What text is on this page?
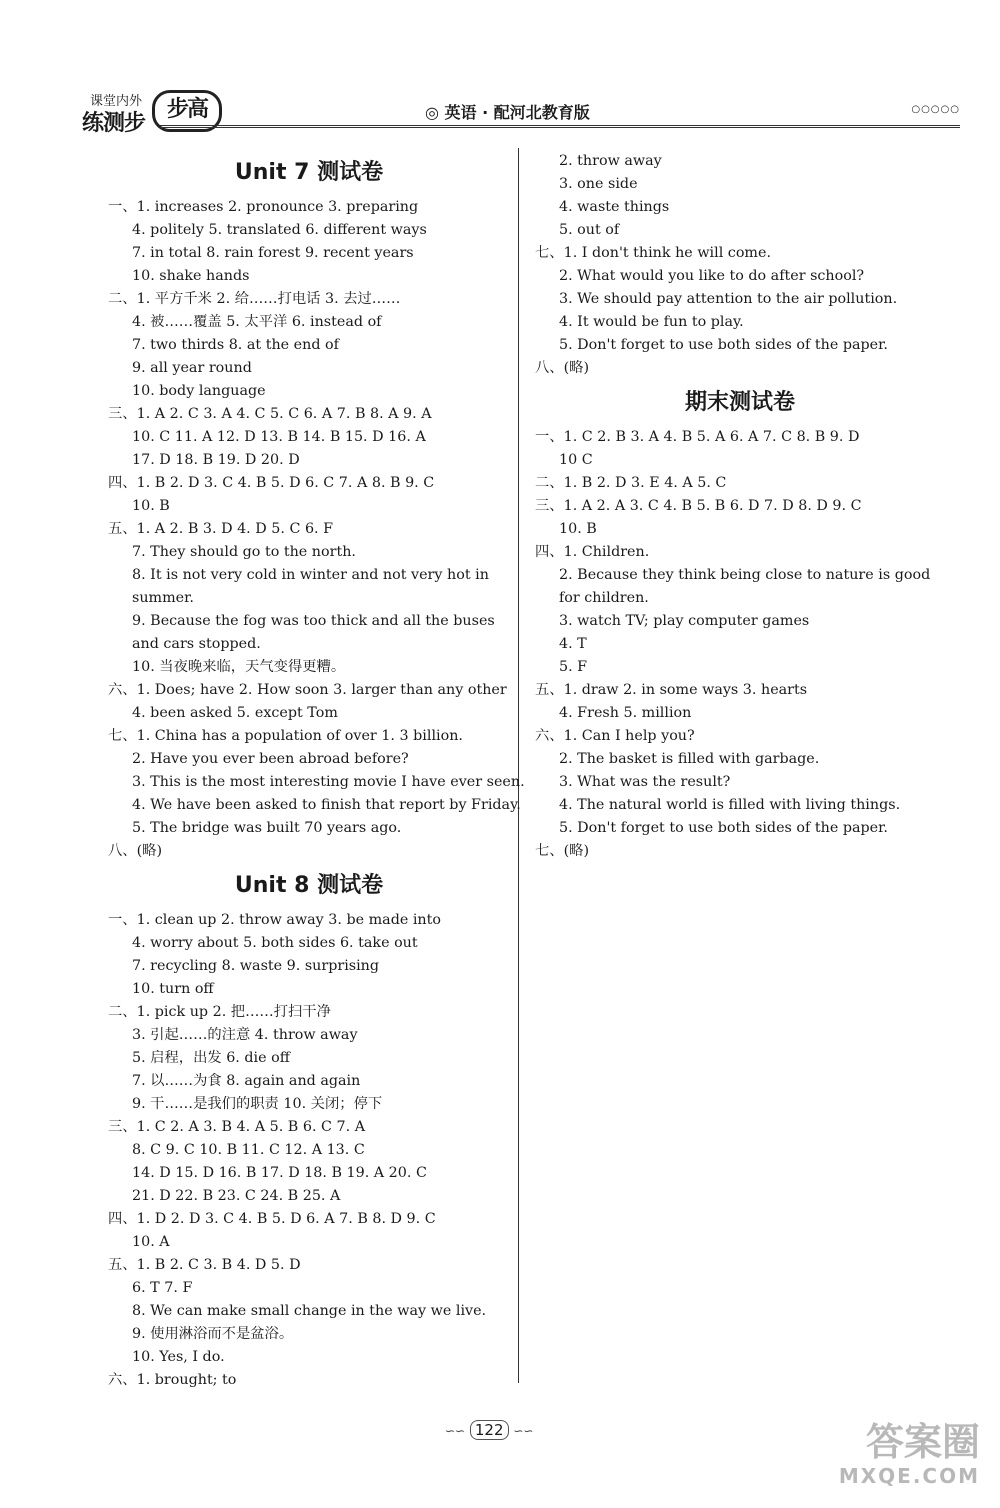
课堂内外
练测步
步高	◎ 英语 · 配河北教育版	○○○○○
Unit 7 测试卷
一、1. increases 2. pronounce 3. preparing
4. politely 5. translated 6. different ways
7. in total 8. rain forest 9. recent years
10. shake hands
二、1. 平方千米 2. 给……打电话 3. 去过……
4. 被……覆盖 5. 太平洋 6. instead of
7. two thirds 8. at the end of
9. all year round
10. body language
三、1. A 2. C 3. A 4. C 5. C 6. A 7. B 8. A 9. A
10. C 11. A 12. D 13. B 14. B 15. D 16. A
17. D 18. B 19. D 20. D
四、1. B 2. D 3. C 4. B 5. D 6. C 7. A 8. B 9. C
10. B
五、1. A 2. B 3. D 4. D 5. C 6. F
7. They should go to the north.
8. It is not very cold in winter and not very hot in summer.
9. Because the fog was too thick and all the buses and cars stopped.
10. 当夜晚来临，天气变得更糟。
六、1. Does; have 2. How soon 3. larger than any other
4. been asked 5. except Tom
七、1. China has a population of over 1. 3 billion.
2. Have you ever been abroad before?
3. This is the most interesting movie I have ever seen.
4. We have been asked to finish that report by Friday.
5. The bridge was built 70 years ago.
八、(略)
Unit 8 测试卷
一、1. clean up 2. throw away 3. be made into
4. worry about 5. both sides 6. take out
7. recycling 8. waste 9. surprising
10. turn off
二、1. pick up 2. 把……打扫干净
3. 引起……的注意 4. throw away
5. 启程，出发 6. die off
7. 以……为食 8. again and again
9. 干……是我们的职责 10. 关闭；停下
三、1. C 2. A 3. B 4. A 5. B 6. C 7. A
8. C 9. C 10. B 11. C 12. A 13. C
14. D 15. D 16. B 17. D 18. B 19. A 20. C
21. D 22. B 23. C 24. B 25. A
四、1. D 2. D 3. C 4. B 5. D 6. A 7. B 8. D 9. C
10. A
五、1. B 2. C 3. B 4. D 5. D
6. T 7. F
8. We can make small change in the way we live.
9. 使用淋浴而不是盆浴。
10. Yes, I do.
六、1. brought; to
2. throw away
3. one side
4. waste things
5. out of
七、1. I don't think he will come.
2. What would you like to do after school?
3. We should pay attention to the air pollution.
4. It would be fun to play.
5. Don't forget to use both sides of the paper.
八、(略)
期末测试卷
一、1. C 2. B 3. A 4. B 5. A 6. A 7. C 8. B 9. D
10 C
二、1. B 2. D 3. E 4. A 5. C
三、1. A 2. A 3. C 4. B 5. B 6. D 7. D 8. D 9. C
10. B
四、1. Children.
2. Because they think being close to nature is good for children.
3. watch TV; play computer games
4. T
5. F
五、1. draw 2. in some ways 3. hearts
4. Fresh 5. million
六、1. Can I help you?
2. The basket is filled with garbage.
3. What was the result?
4. The natural world is filled with living things.
5. Don't forget to use both sides of the paper.
七、(略)
∽∽ 122 ∽∽	答案圈
MXQE.COM
